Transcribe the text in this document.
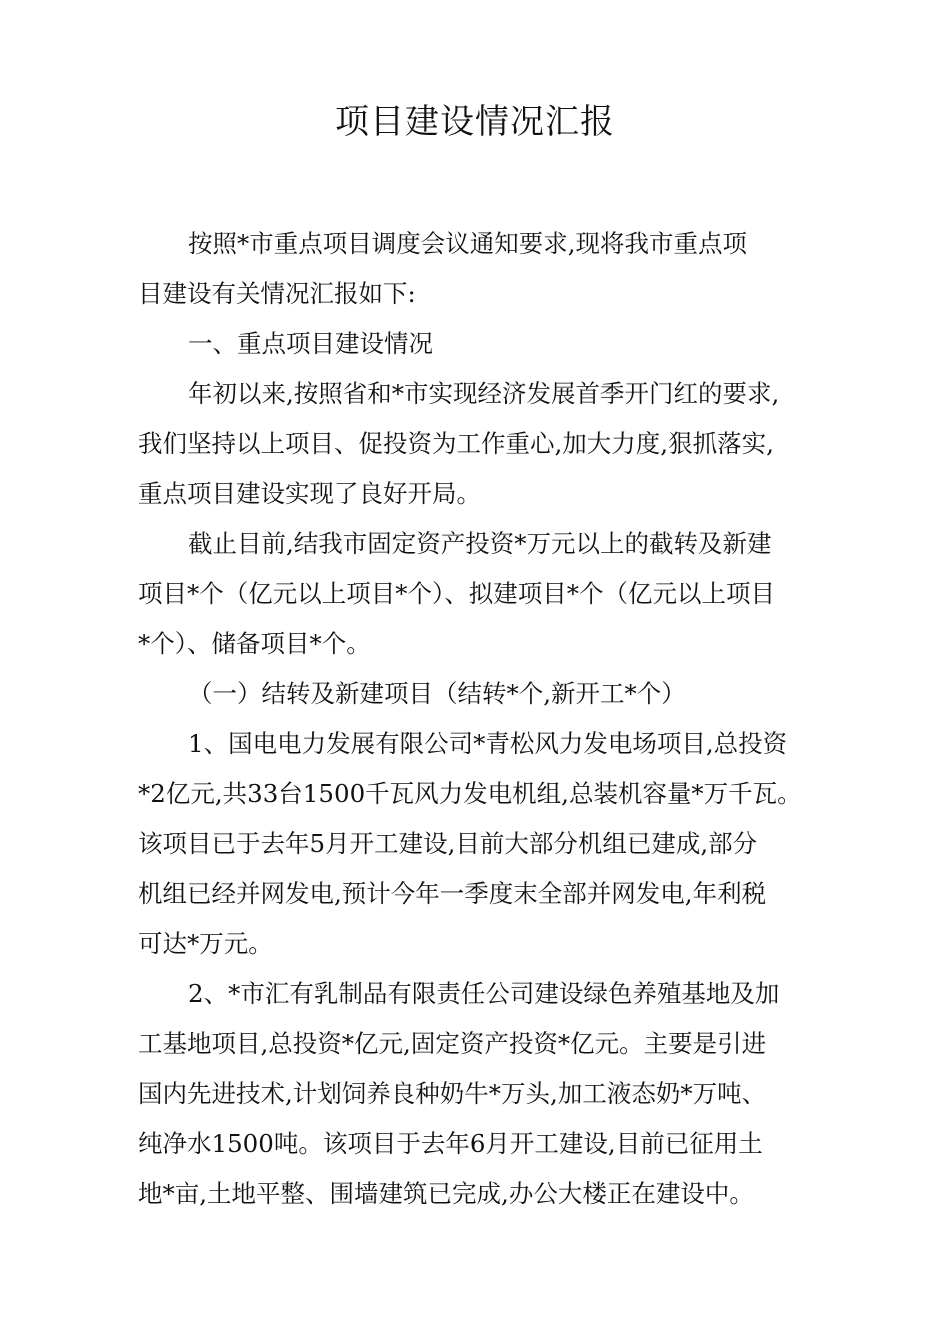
项目建设情况汇报

按照*市重点项目调度会议通知要求,现将我市重点项

目建设有关情况汇报如下:

一、重点项目建设情况

年初以来,按照省和*市实现经济发展首季开门红的要求,

我们坚持以上项目、促投资为工作重心,加大力度,狠抓落实,

重点项目建设实现了良好开局。

截止目前,结我市固定资产投资*万元以上的截转及新建

项目*个（亿元以上项目*个）、拟建项目*个（亿元以上项目

*个）、储备项目*个。

（一）结转及新建项目（结转*个,新开工*个）

1、国电电力发展有限公司*青松风力发电场项目,总投资

*2亿元,共33台1500千瓦风力发电机组,总装机容量*万千瓦。

该项目已于去年5月开工建设,目前大部分机组已建成,部分

机组已经并网发电,预计今年一季度末全部并网发电,年利税

可达*万元。

2、*市汇有乳制品有限责任公司建设绿色养殖基地及加

工基地项目,总投资*亿元,固定资产投资*亿元。主要是引进

国内先进技术,计划饲养良种奶牛*万头,加工液态奶*万吨、

纯净水1500吨。该项目于去年6月开工建设,目前已征用土

地*亩,土地平整、围墙建筑已完成,办公大楼正在建设中。
